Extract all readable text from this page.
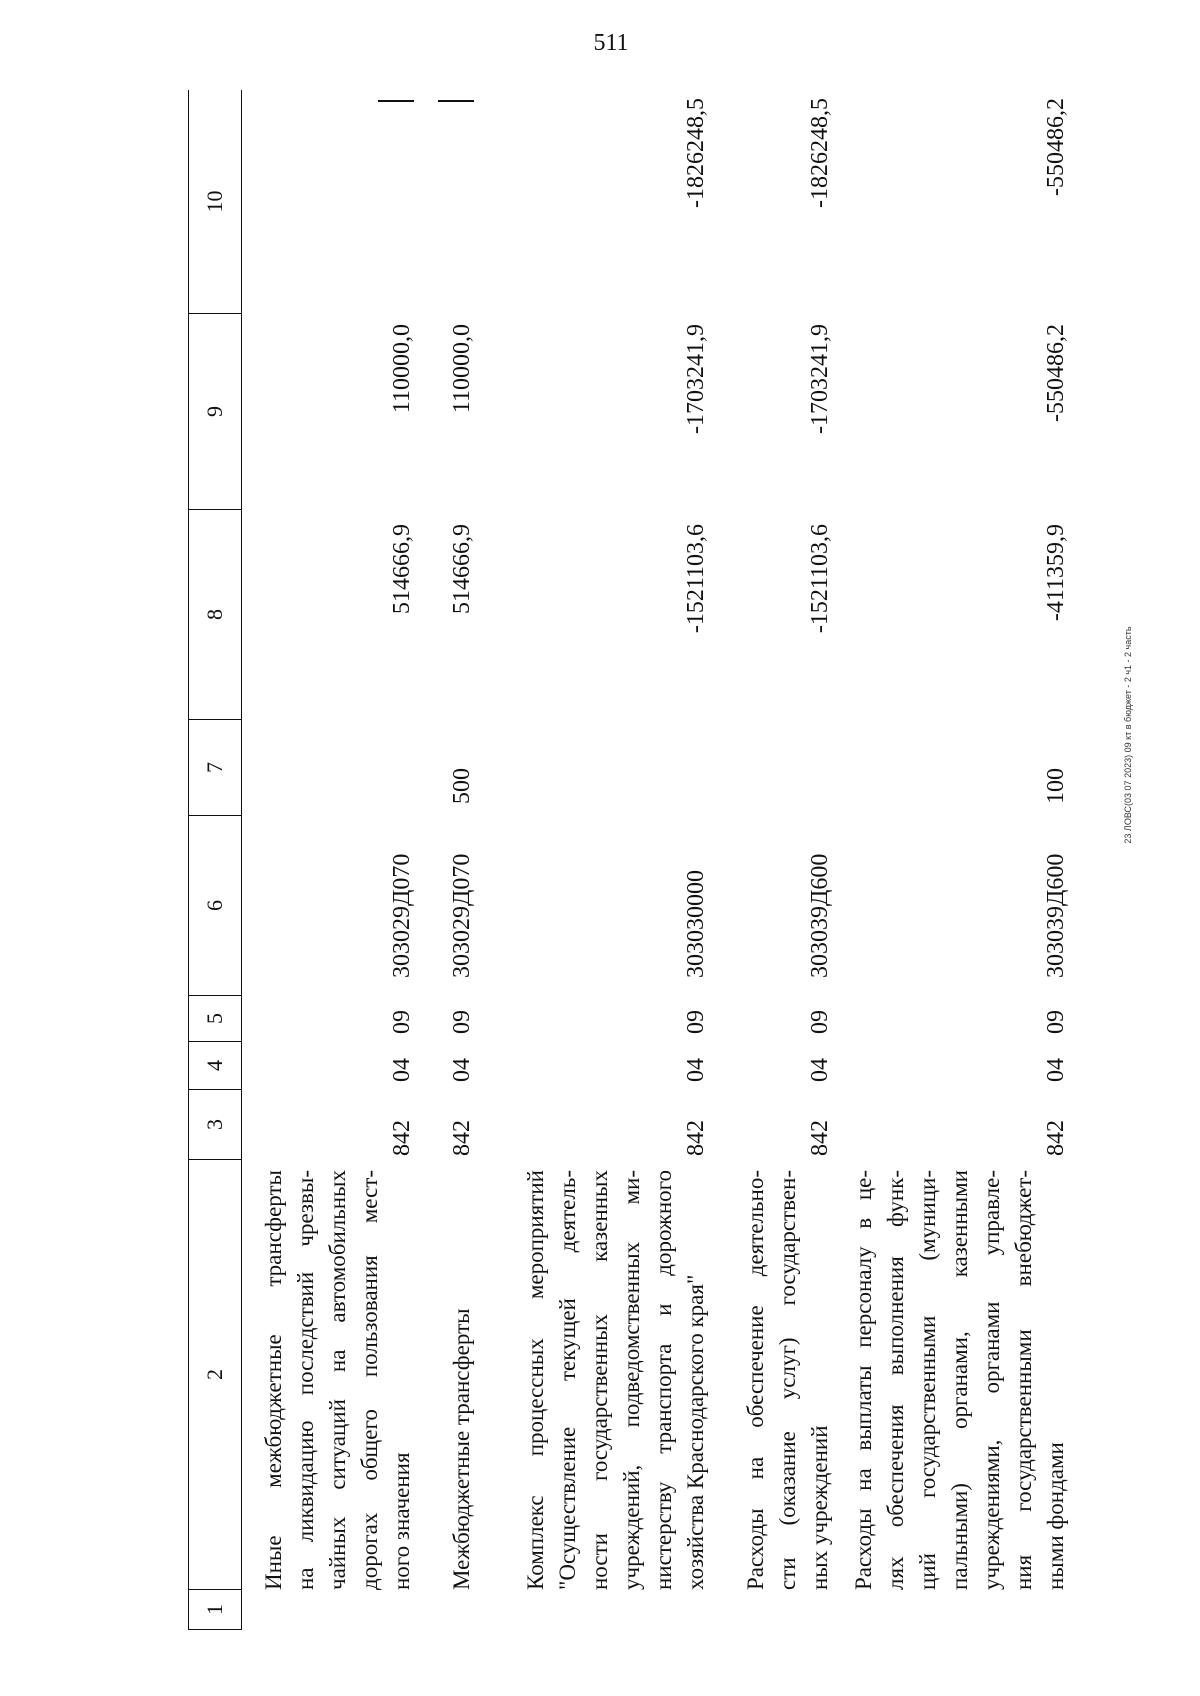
511
23 ЛОВС(03 07 2023) 09 кт в бюджет - 2 ч1 - 2 часть
1
2
3
4
5
6
7
8
9
10
Иные межбюджетные трансферты на ликвидацию последствий чрезвы- чайных ситуаций на автомобильных дорогах общего пользования мест- ного значения
842
04
09
303029Д070
514666,9
110000,0
Межбюджетные трансферты
842
04
09
303029Д070
500
514666,9
110000,0
Комплекс процессных мероприятий "Осуществление текущей деятель- ности государственных казенных учреждений, подведомственных ми- нистерству транспорта и дорожного хозяйства Краснодарского края"
842
04
09
303030000
-1521103,6
-1703241,9
-1826248,5
Расходы на обеспечение деятельно- сти (оказание услуг) государствен- ных учреждений
842
04
09
303039Д600
-1521103,6
-1703241,9
-1826248,5
Расходы на выплаты персоналу в це- лях обеспечения выполнения функ- ций государственными (муници- пальными) органами, казенными учреждениями, органами управле- ния государственными внебюджет- ными фондами
842
04
09
303039Д600
100
-411359,9
-550486,2
-550486,2
